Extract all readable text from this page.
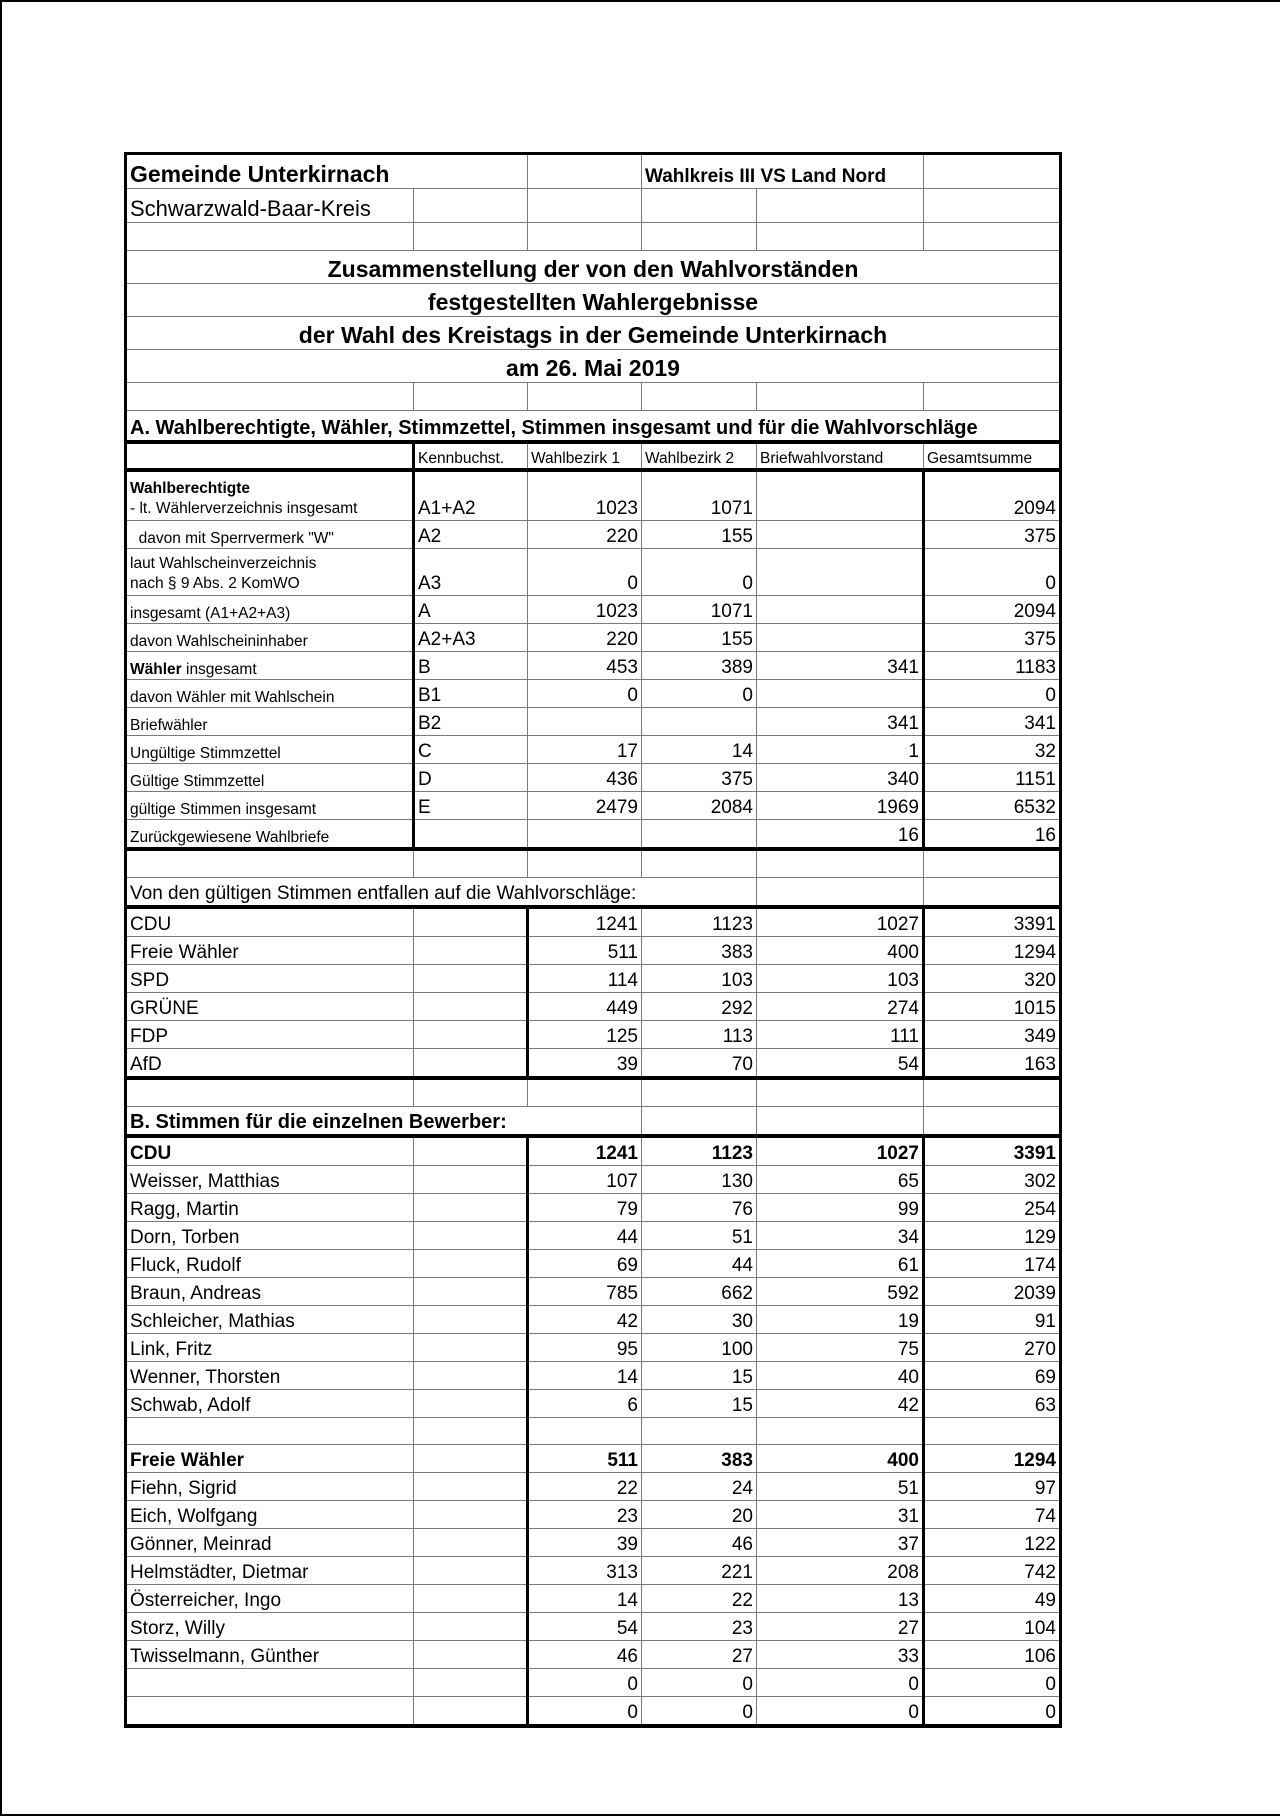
Gemeinde Unterkirnach			Wahlkreis III VS Land Nord		
Schwarzwald-Baar-Kreis					

Zusammenstellung der von den Wahlvorständen					
festgestellten Wahlergebnisse					
der Wahl des Kreistags in der Gemeinde Unterkirnach					
am 26. Mai 2019					

A. Wahlberechtigte, Wähler, Stimmzettel, Stimmen insgesamt und für die Wahlvorschläge					
	Kennbuchst.	Wahlbezirk 1	Wahlbezirk 2	Briefwahlvorstand	Gesamtsumme

Wahlberechtigte
- lt. Wählerverzeichnis insgesamt	A1+A2	1023	1071		2094
davon mit Sperrvermerk "W"	A2	220	155		375

laut Wahlscheinverzeichnis
nach § 9 Abs. 2 KomWO	A3	0	0		0
insgesamt (A1+A2+A3)	A	1023	1071		2094
davon Wahlscheininhaber	A2+A3	220	155		375
Wähler insgesamt	B	453	389	341	1183
davon Wähler mit Wahlschein	B1	0	0		0
Briefwähler	B2			341	341
Ungültige Stimmzettel	C	17	14	1	32
Gültige Stimmzettel	D	436	375	340	1151
gültige Stimmen insgesamt	E	2479	2084	1969	6532
Zurückgewiesene Wahlbriefe				16	16

Von den gültigen Stimmen entfallen auf die Wahlvorschläge:					
CDU		1241	1123	1027	3391
Freie Wähler		511	383	400	1294
SPD		114	103	103	320
GRÜNE		449	292	274	1015
FDP		125	113	111	349
AfD		39	70	54	163

B. Stimmen für die einzelnen Bewerber:					
CDU		1241	1123	1027	3391
Weisser, Matthias		107	130	65	302
Ragg, Martin		79	76	99	254
Dorn, Torben		44	51	34	129
Fluck, Rudolf		69	44	61	174
Braun, Andreas		785	662	592	2039
Schleicher, Mathias		42	30	19	91
Link, Fritz		95	100	75	270
Wenner, Thorsten		14	15	40	69
Schwab, Adolf		6	15	42	63

Freie Wähler		511	383	400	1294
Fiehn, Sigrid		22	24	51	97
Eich, Wolfgang		23	20	31	74
Gönner, Meinrad		39	46	37	122
Helmstädter, Dietmar		313	221	208	742
Österreicher, Ingo		14	22	13	49
Storz, Willy		54	23	27	104
Twisselmann, Günther		46	27	33	106
		0	0	0	0
		0	0	0	0
